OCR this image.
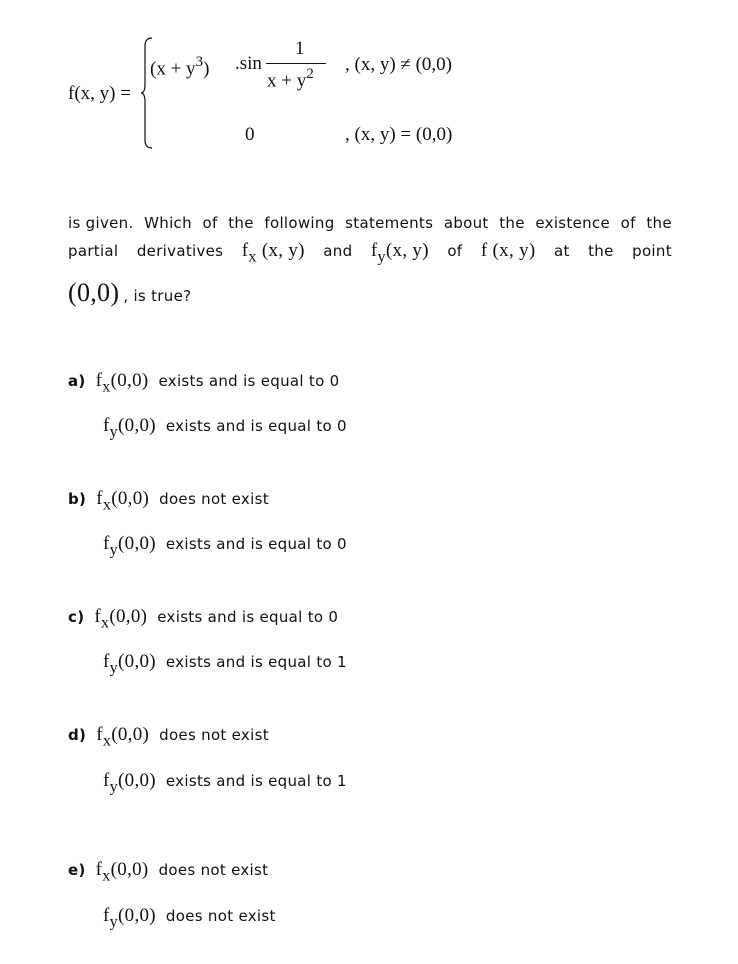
f(x, y) =
$(x + y^3)$ .sin
1
$x + y^2$ , (x, y) ≠ (0,0)
0	, (x, y) = (0,0)
is given. Which of the following statements about the existence of the
partial derivatives $f_x$ (x, y) and $f_y(x$, y) of f (x, y) at the point
(0,0) , is true?
a) $f_x(0,0)$ exists and is equal to 0
$f_y(0,0)$ exists and is equal to 0
b) $f_x(0,0)$ does not exist
$f_y(0,0)$ exists and is equal to 0
c) $f_x(0,0)$ exists and is equal to 0
$f_y(0,0)$ exists and is equal to 1
d) $f_x(0,0)$ does not exist
$f_y(0,0)$ exists and is equal to 1
e) $f_x(0,0)$ does not exist
$f_y(0,0)$ does not exist
